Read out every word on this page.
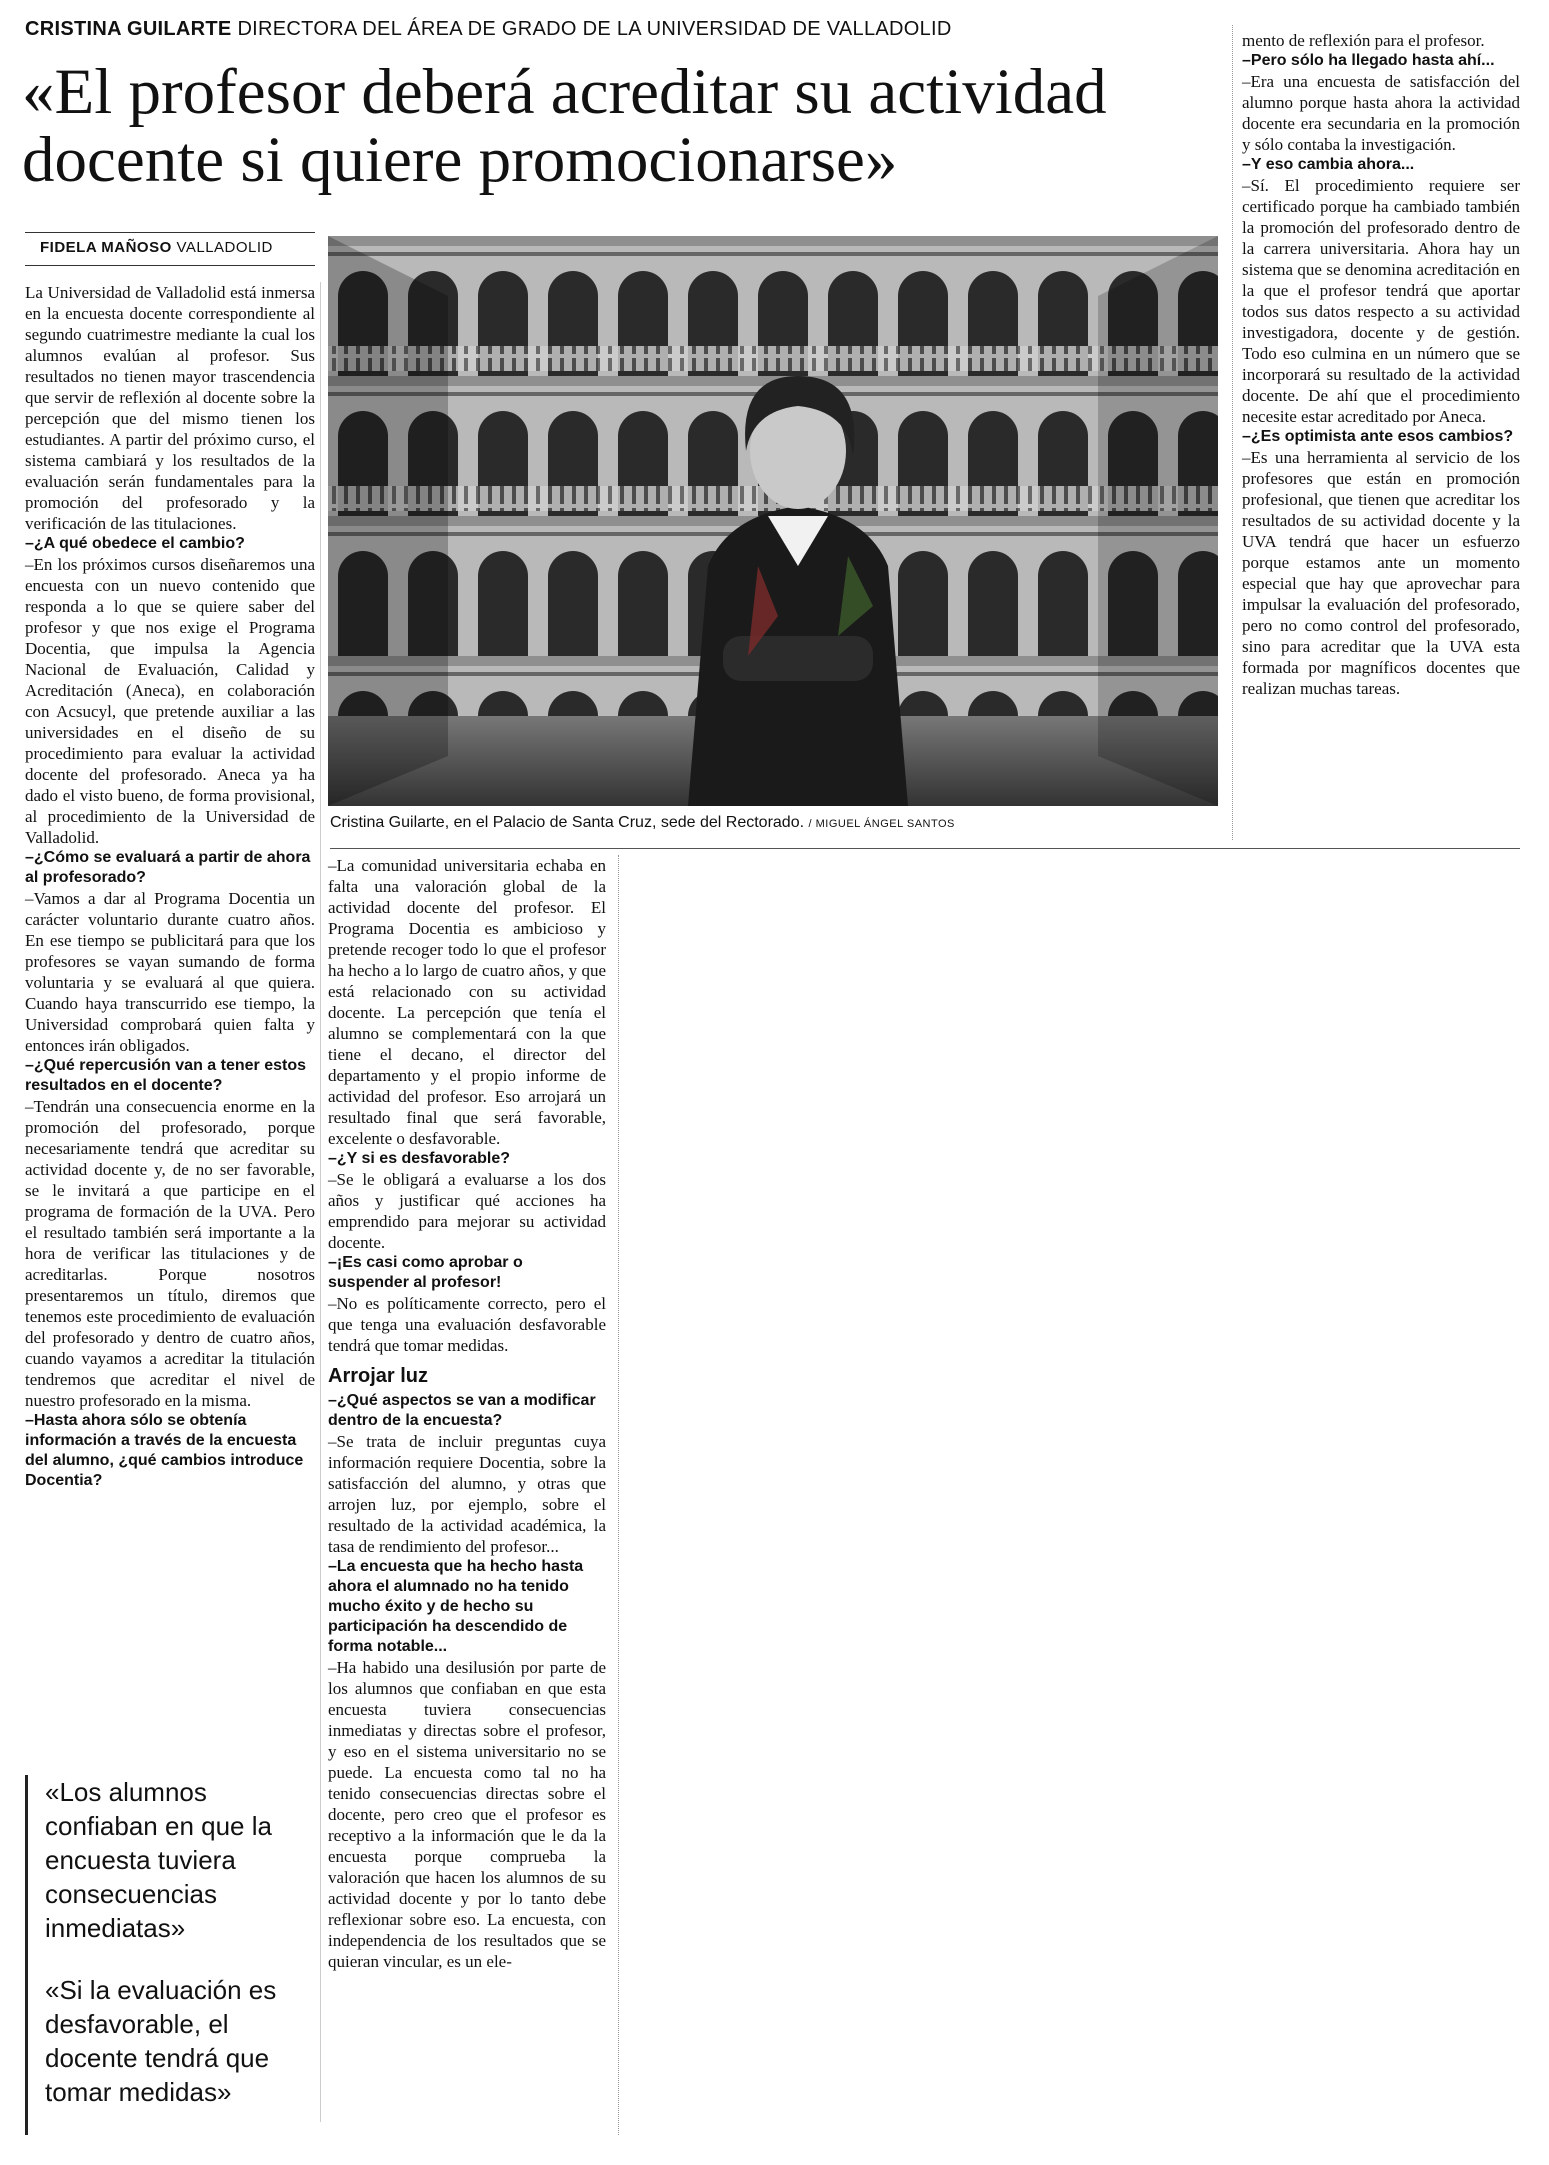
CRISTINA GUILARTE DIRECTORA DEL ÁREA DE GRADO DE LA UNIVERSIDAD DE VALLADOLID
«El profesor deberá acreditar su actividad docente si quiere promocionarse»
FIDELA MAÑOSO VALLADOLID
Cristina Guilarte, en el Palacio de Santa Cruz, sede del Rectorado. / MIGUEL ÁNGEL SANTOS

La Universidad de Valladolid está inmersa en la encuesta docente correspondiente al segundo cuatrimestre mediante la cual los alumnos evalúan al profesor. Sus resultados no tienen mayor trascendencia que servir de reflexión al docente sobre la percepción que del mismo tienen los estudiantes. A partir del próximo curso, el sistema cambiará y los resultados de la evaluación serán fundamentales para la promoción del profesorado y la verificación de las titulaciones.

–¿A qué obedece el cambio?

–En los próximos cursos diseñaremos una encuesta con un nuevo contenido que responda a lo que se quiere saber del profesor y que nos exige el Programa Docentia, que impulsa la Agencia Nacional de Evaluación, Calidad y Acreditación (Aneca), en colaboración con Acsucyl, que pretende auxiliar a las universidades en el diseño de su procedimiento para evaluar la actividad docente del profesorado. Aneca ya ha dado el visto bueno, de forma provisional, al procedimiento de la Universidad de Valladolid.

–¿Cómo se evaluará a partir de ahora al profesorado?

–Vamos a dar al Programa Docentia un carácter voluntario durante cuatro años. En ese tiempo se publicitará para que los profesores se vayan sumando de forma voluntaria y se evaluará al que quiera. Cuando haya transcurrido ese tiempo, la Universidad comprobará quien falta y entonces irán obligados.

–¿Qué repercusión van a tener estos resultados en el docente?

–Tendrán una consecuencia enorme en la promoción del profesorado, porque necesariamente tendrá que acreditar su actividad docente y, de no ser favorable, se le invitará a que participe en el programa de formación de la UVA. Pero el resultado también será importante a la hora de verificar las titulaciones y de acreditarlas. Porque nosotros presentaremos un título, diremos que tenemos este procedimiento de evaluación del profesorado y dentro de cuatro años, cuando vayamos a acreditar la titulación tendremos que acreditar el nivel de nuestro profesorado en la misma.

–Hasta ahora sólo se obtenía información a través de la encuesta del alumno, ¿qué cambios introduce Docentia?

«Los alumnos confiaban en que la encuesta tuviera consecuencias inmediatas»
«Si la evaluación es desfavorable, el docente tendrá que tomar medidas»

–La comunidad universitaria echaba en falta una valoración global de la actividad docente del profesor. El Programa Docentia es ambicioso y pretende recoger todo lo que el profesor ha hecho a lo largo de cuatro años, y que está relacionado con su actividad docente. La percepción que tenía el alumno se complementará con la que tiene el decano, el director del departamento y el propio informe de actividad del profesor. Eso arrojará un resultado final que será favorable, excelente o desfavorable.

–¿Y si es desfavorable?

–Se le obligará a evaluarse a los dos años y justificar qué acciones ha emprendido para mejorar su actividad docente.

–¡Es casi como aprobar o suspender al profesor!

–No es políticamente correcto, pero el que tenga una evaluación desfavorable tendrá que tomar medidas.

Arrojar luz

–¿Qué aspectos se van a modificar dentro de la encuesta?

–Se trata de incluir preguntas cuya información requiere Docentia, sobre la satisfacción del alumno, y otras que arrojen luz, por ejemplo, sobre el resultado de la actividad académica, la tasa de rendimiento del profesor...

–La encuesta que ha hecho hasta ahora el alumnado no ha tenido mucho éxito y de hecho su participación ha descendido de forma notable...

–Ha habido una desilusión por parte de los alumnos que confiaban en que esta encuesta tuviera consecuencias inmediatas y directas sobre el profesor, y eso en el sistema universitario no se puede. La encuesta como tal no ha tenido consecuencias directas sobre el docente, pero creo que el profesor es receptivo a la información que le da la encuesta porque comprueba la valoración que hacen los alumnos de su actividad docente y por lo tanto debe reflexionar sobre eso. La encuesta, con independencia de los resultados que se quieran vincular, es un ele-

mento de reflexión para el profesor.

–Pero sólo ha llegado hasta ahí...

–Era una encuesta de satisfacción del alumno porque hasta ahora la actividad docente era secundaria en la promoción y sólo contaba la investigación.

–Y eso cambia ahora...

–Sí. El procedimiento requiere ser certificado porque ha cambiado también la promoción del profesorado dentro de la carrera universitaria. Ahora hay un sistema que se denomina acreditación en la que el profesor tendrá que aportar todos sus datos respecto a su actividad investigadora, docente y de gestión. Todo eso culmina en un número que se incorporará su resultado de la actividad docente. De ahí que el procedimiento necesite estar acreditado por Aneca.

–¿Es optimista ante esos cambios?

–Es una herramienta al servicio de los profesores que están en promoción profesional, que tienen que acreditar los resultados de su actividad docente y la UVA tendrá que hacer un esfuerzo porque estamos ante un momento especial que hay que aprovechar para impulsar la evaluación del profesorado, pero no como control del profesorado, sino para acreditar que la UVA esta formada por magníficos docentes que realizan muchas tareas.
